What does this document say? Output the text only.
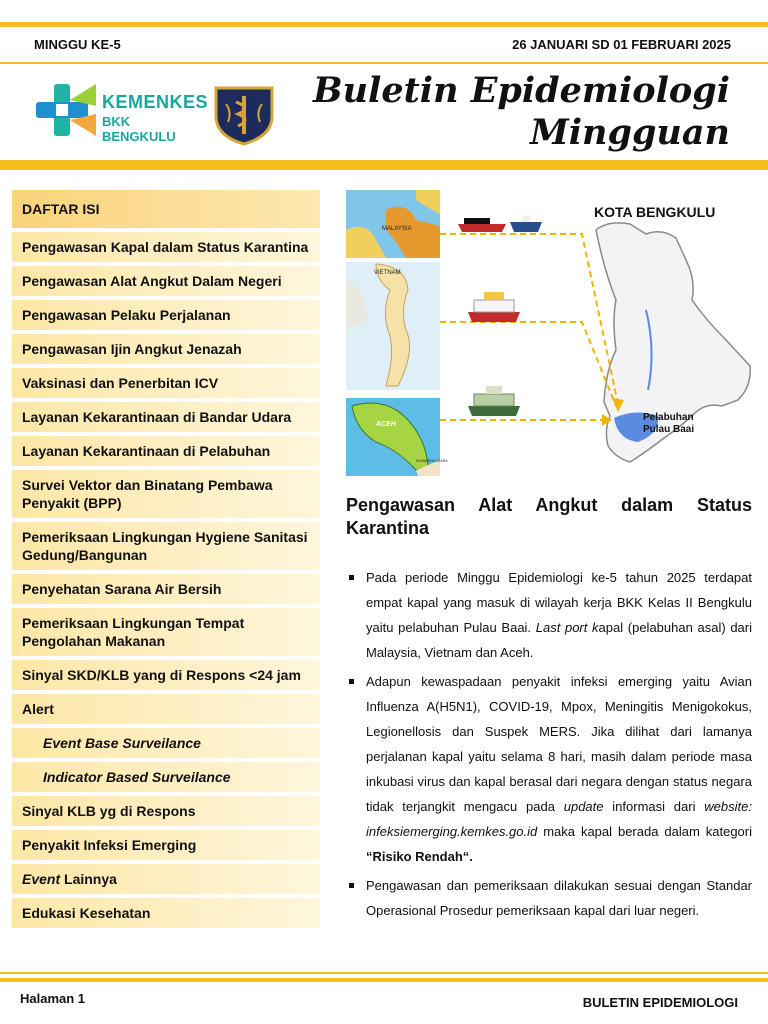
MINGGU KE-5	26 JANUARI SD 01 FEBRUARI 2025
KEMENKES
BKK BENGKULU
Buletin Epidemiologi
Mingguan
DAFTAR ISI
Pengawasan Kapal dalam Status Karantina
Pengawasan Alat Angkut Dalam Negeri
Pengawasan Pelaku Perjalanan
Pengawasan Ijin Angkut Jenazah
Vaksinasi dan Penerbitan ICV
Layanan Kekarantinaan di Bandar Udara
Layanan Kekarantinaan di Pelabuhan
Survei Vektor dan Binatang Pembawa Penyakit (BPP)
Pemeriksaan Lingkungan Hygiene Sanitasi Gedung/Bangunan
Penyehatan Sarana Air Bersih
Pemeriksaan Lingkungan Tempat Pengolahan Makanan
Sinyal SKD/KLB yang di Respons <24 jam
Alert
Event Base Surveilance
Indicator Based Surveilance
Sinyal KLB yg di Respons
Penyakit Infeksi Emerging
Event Lainnya
Edukasi Kesehatan
MALAYSIA
VIETNAM
ACEH
SUMATERA UTARA
KOTA BENGKULU
Pelabuhan
Pulau Baai
Pengawasan Alat Angkut dalam Status
Karantina
Pada periode Minggu Epidemiologi ke-5 tahun 2025 terdapat empat kapal yang masuk di wilayah kerja BKK Kelas II Bengkulu yaitu pelabuhan Pulau Baai. Last port kapal (pelabuhan asal) dari Malaysia, Vietnam dan Aceh.
Adapun kewaspadaan penyakit infeksi emerging yaitu Avian Influenza A(H5N1), COVID-19, Mpox, Meningitis Menigokokus, Legionellosis dan Suspek MERS. Jika dilihat dari lamanya perjalanan kapal yaitu selama 8 hari, masih dalam periode masa inkubasi virus dan kapal berasal dari negara dengan status negara tidak terjangkit mengacu pada update informasi dari website: infeksiemerging.kemkes.go.id maka kapal berada dalam kategori “Risiko Rendah“.
Pengawasan dan pemeriksaan dilakukan sesuai dengan Standar Operasional Prosedur pemeriksaan kapal dari luar negeri.
Halaman 1	BULETIN EPIDEMIOLOGI
